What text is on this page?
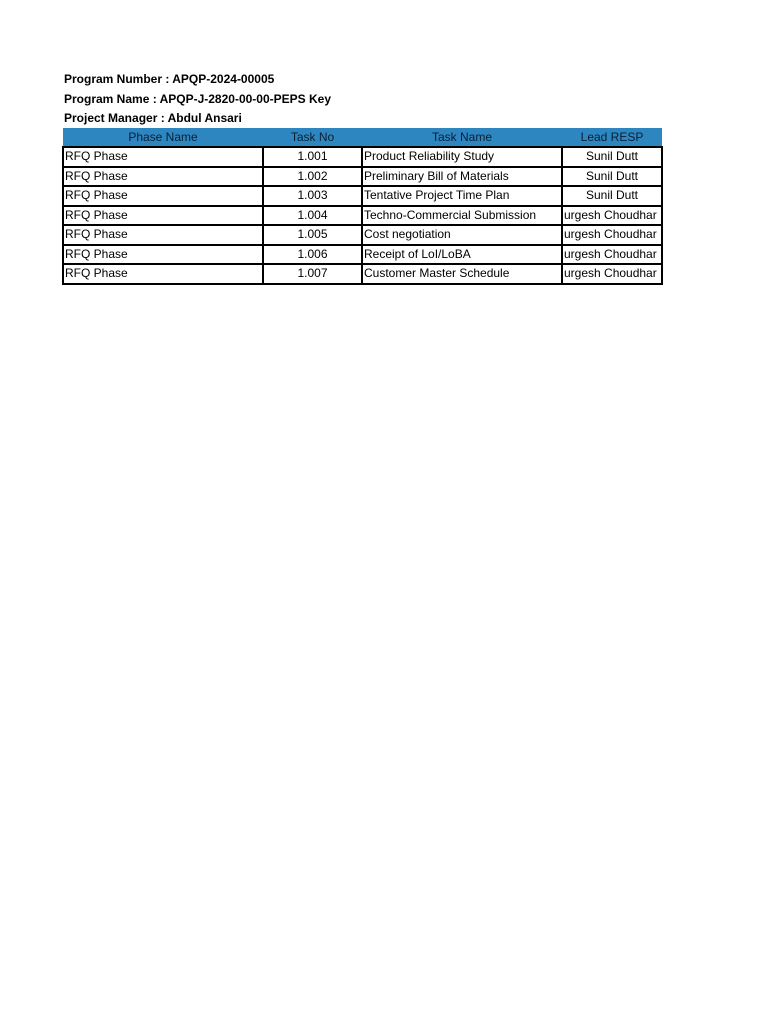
Program Number : APQP-2024-00005
Program Name : APQP-J-2820-00-00-PEPS Key
Project Manager : Abdul Ansari
Phase Name	Task No	Task Name	Lead RESP
RFQ Phase	1.001	Product Reliability Study	Sunil Dutt
RFQ Phase	1.002	Preliminary Bill of Materials	Sunil Dutt
RFQ Phase	1.003	Tentative Project Time Plan	Sunil Dutt
RFQ Phase	1.004	Techno-Commercial Submission	urgesh Choudhar
RFQ Phase	1.005	Cost negotiation	urgesh Choudhar
RFQ Phase	1.006	Receipt of LoI/LoBA	urgesh Choudhar
RFQ Phase	1.007	Customer Master Schedule	urgesh Choudhar
